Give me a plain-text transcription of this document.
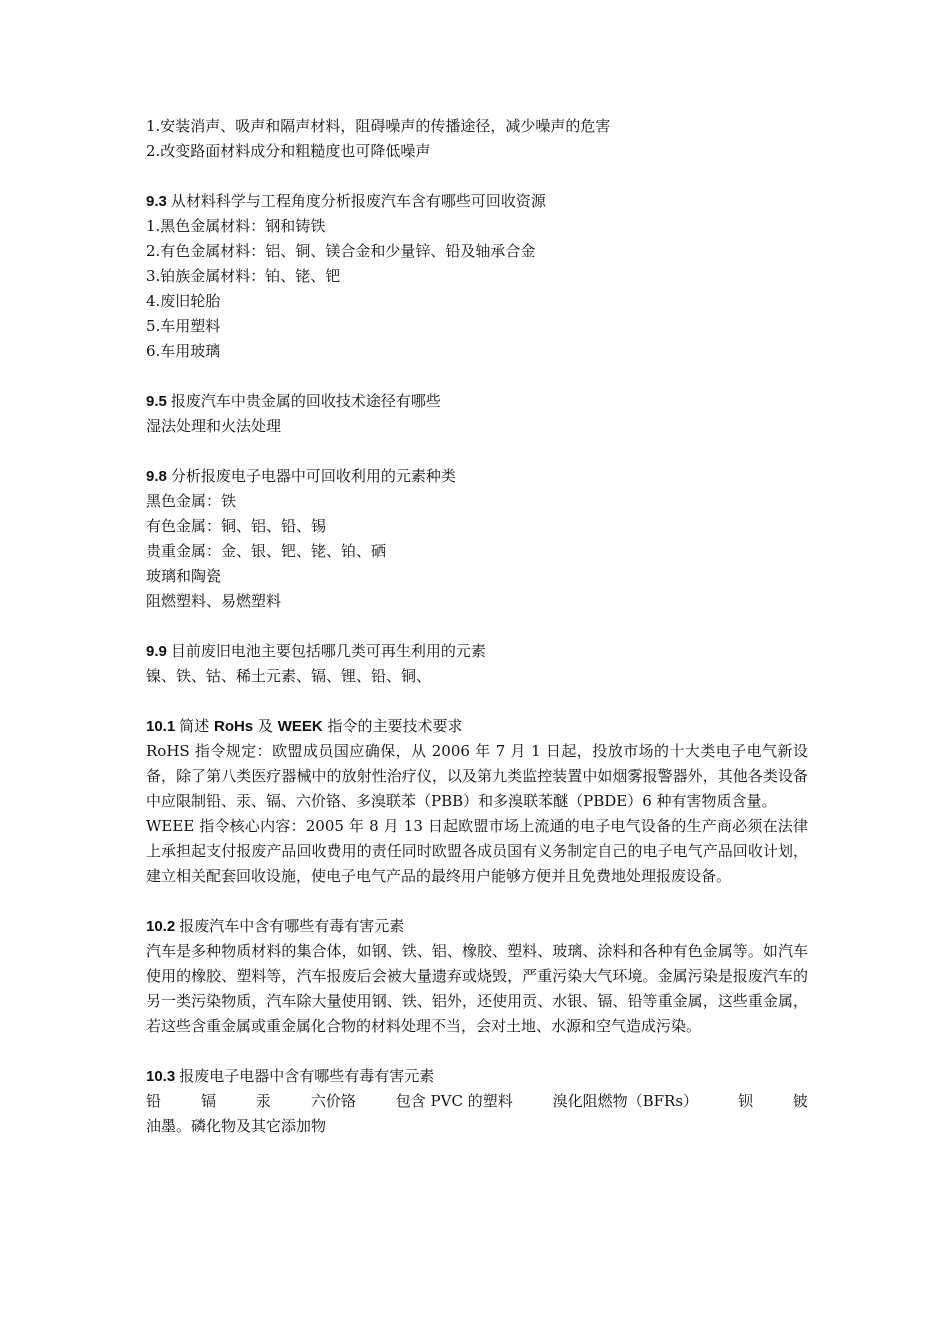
1.安装消声、吸声和隔声材料，阻碍噪声的传播途径，减少噪声的危害
2.改变路面材料成分和粗糙度也可降低噪声
9.3 从材料科学与工程角度分析报废汽车含有哪些可回收资源
1.黑色金属材料：钢和铸铁
2.有色金属材料：铝、铜、镁合金和少量锌、铅及轴承合金
3.铂族金属材料：铂、铑、钯
4.废旧轮胎
5.车用塑料
6.车用玻璃
9.5 报废汽车中贵金属的回收技术途径有哪些
湿法处理和火法处理
9.8 分析报废电子电器中可回收利用的元素种类
黑色金属：铁
有色金属：铜、铝、铅、锡
贵重金属：金、银、钯、铑、铂、硒
玻璃和陶瓷
阻燃塑料、易燃塑料
9.9 目前废旧电池主要包括哪几类可再生利用的元素
镍、铁、钴、稀土元素、镉、锂、铅、铜、
10.1 简述 RoHs 及 WEEK 指令的主要技术要求
RoHS 指令规定：欧盟成员国应确保，从 2006 年 7 月 1 日起，投放市场的十大类电子电气新设备，除了第八类医疗器械中的放射性治疗仪，以及第九类监控装置中如烟雾报警器外，其他各类设备中应限制铅、汞、镉、六价铬、多溴联苯（PBB）和多溴联苯醚（PBDE）6 种有害物质含量。
WEEE 指令核心内容：2005 年 8 月 13 日起欧盟市场上流通的电子电气设备的生产商必须在法律上承担起支付报废产品回收费用的责任同时欧盟各成员国有义务制定自己的电子电气产品回收计划，建立相关配套回收设施，使电子电气产品的最终用户能够方便并且免费地处理报废设备。
10.2 报废汽车中含有哪些有毒有害元素
汽车是多种物质材料的集合体，如钢、铁、铝、橡胶、塑料、玻璃、涂料和各种有色金属等。如汽车使用的橡胶、塑料等，汽车报废后会被大量遗弃或烧毁，严重污染大气环境。金属污染是报废汽车的另一类污染物质，汽车除大量使用钢、铁、铝外，还使用贡、水银、镉、铅等重金属，这些重金属，若这些含重金属或重金属化合物的材料处理不当，会对土地、水源和空气造成污染。
10.3 报废电子电器中含有哪些有毒有害元素
铅	镉	汞	六价铬	包含 PVC 的塑料	溴化阻燃物（BFRs）	钡	铍
油墨。磷化物及其它添加物
